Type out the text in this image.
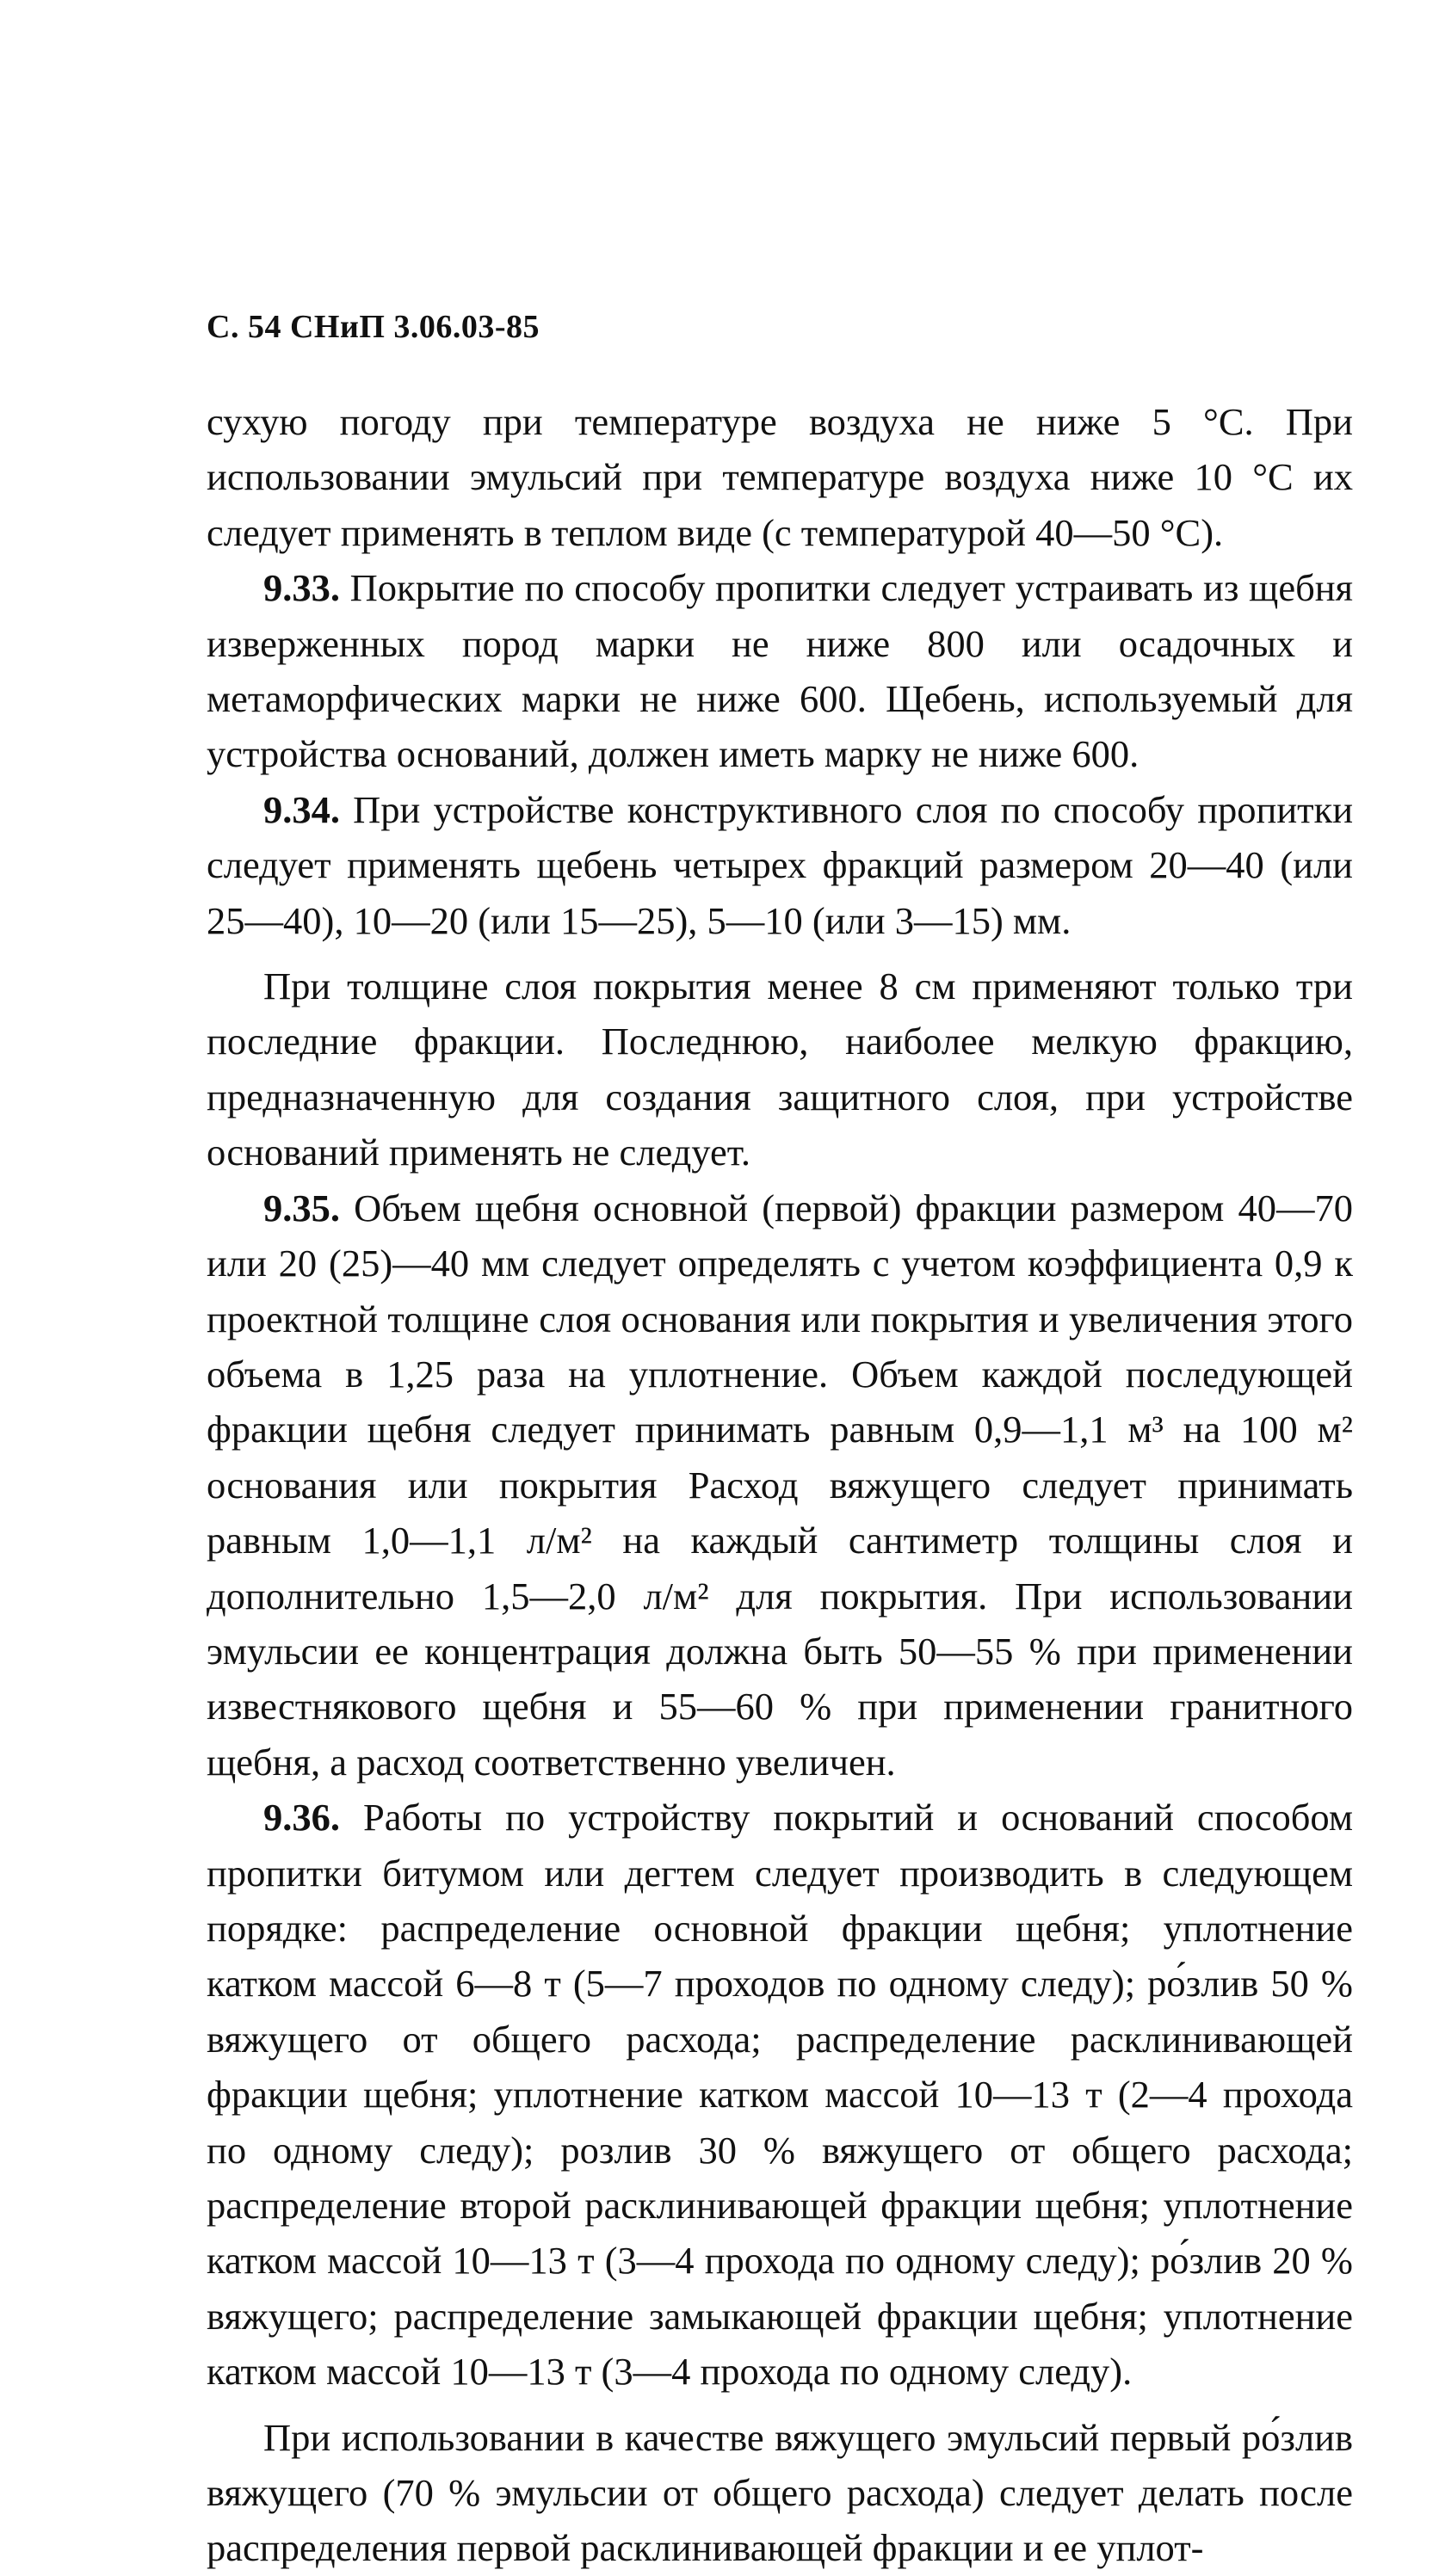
С. 54 СНиП 3.06.03-85

сухую погоду при температуре воздуха не ниже 5 °С. При использовании эмульсий при температуре воздуха ниже 10 °С их следует применять в теплом виде (с температурой 40—50 °С).

9.33. Покрытие по способу пропитки следует устраивать из щебня изверженных пород марки не ниже 800 или осадочных и метаморфических марки не ниже 600. Щебень, используемый для устройства оснований, должен иметь марку не ниже 600.

9.34. При устройстве конструктивного слоя по способу пропитки следует применять щебень четырех фракций размером 20—40 (или 25—40), 10—20 (или 15—25), 5—10 (или 3—15) мм.

При толщине слоя покрытия менее 8 см применяют только три последние фракции. Последнюю, наиболее мелкую фракцию, предназначенную для создания защитного слоя, при устройстве оснований применять не следует.

9.35. Объем щебня основной (первой) фракции размером 40—70 или 20 (25)—40 мм следует определять с учетом коэффициента 0,9 к проектной толщине слоя основания или покрытия и увеличения этого объема в 1,25 раза на уплотнение. Объем каждой последующей фракции щебня следует принимать равным 0,9—1,1 м³ на 100 м² основания или покрытия Расход вяжущего следует принимать равным 1,0—1,1 л/м² на каждый сантиметр толщины слоя и дополнительно 1,5—2,0 л/м² для покрытия. При использовании эмульсии ее концентрация должна быть 50—55 % при применении известнякового щебня и 55—60 % при применении гранитного щебня, а расход соответственно увеличен.

9.36. Работы по устройству покрытий и оснований способом пропитки битумом или дегтем следует производить в следующем порядке: распределение основной фракции щебня; уплотнение катком массой 6—8 т (5—7 проходов по одному следу); ро́злив 50 % вяжущего от общего расхода; распределение расклинивающей фракции щебня; уплотнение катком массой 10—13 т (2—4 прохода по одному следу); розлив 30 % вяжущего от общего расхода; распределение второй расклинивающей фракции щебня; уплотнение катком массой 10—13 т (3—4 прохода по одному следу); ро́злив 20 % вяжущего; распределение замыкающей фракции щебня; уплотнение катком массой 10—13 т (3—4 прохода по одному следу).

При использовании в качестве вяжущего эмульсий первый ро́злив вяжущего (70 % эмульсии от общего расхода) следует делать после распределения первой расклинивающей фракции и ее уплот-
